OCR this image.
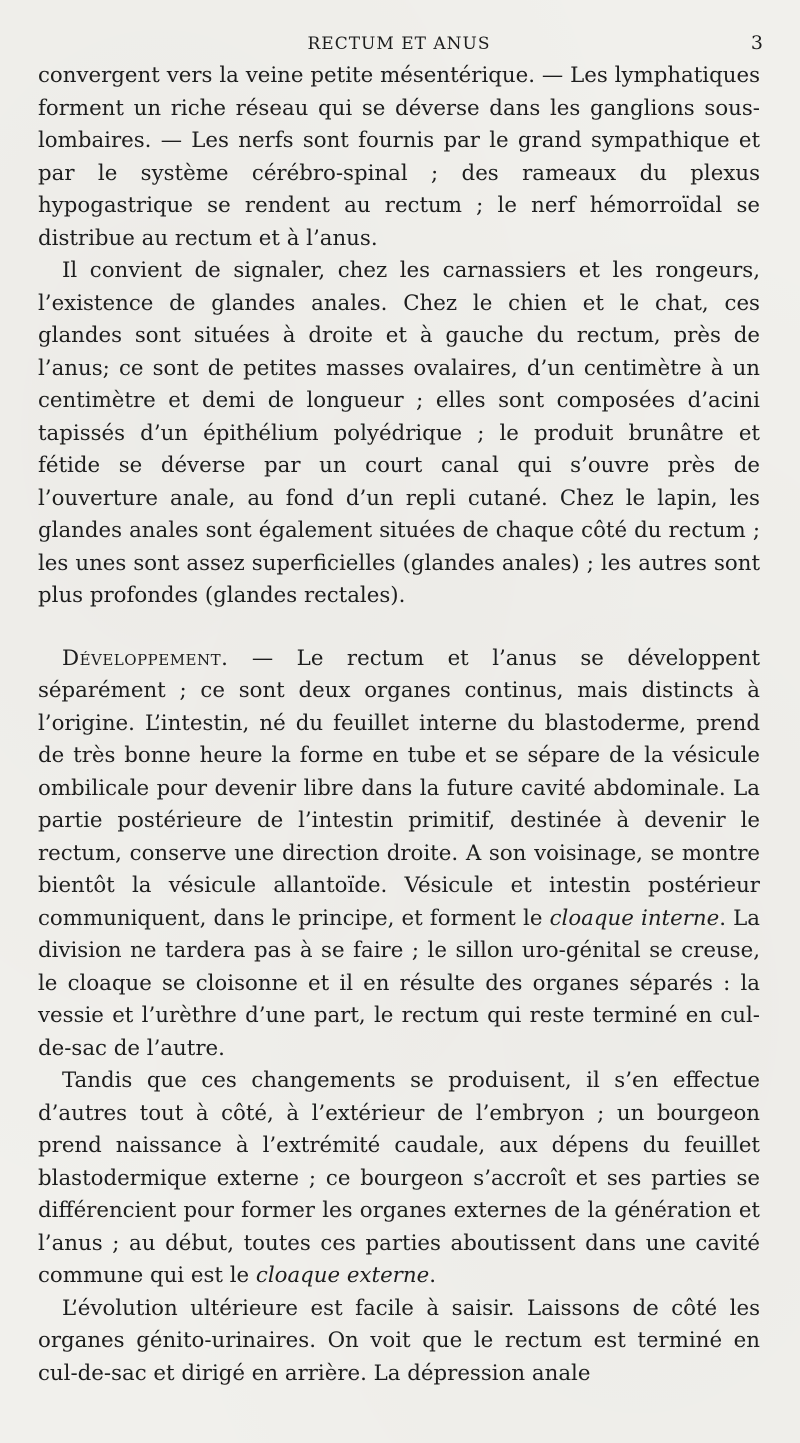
RECTUM ET ANUS	3

convergent vers la veine petite mésentérique. — Les lymphatiques forment un riche réseau qui se déverse dans les ganglions sous-lombaires. — Les nerfs sont fournis par le grand sympathique et par le système cérébro-spinal ; des rameaux du plexus hypogastrique se rendent au rectum ; le nerf hémorroïdal se distribue au rectum et à l’anus.

Il convient de signaler, chez les carnassiers et les rongeurs, l’existence de glandes anales. Chez le chien et le chat, ces glandes sont situées à droite et à gauche du rectum, près de l’anus; ce sont de petites masses ovalaires, d’un centimètre à un centimètre et demi de longueur ; elles sont composées d’acini tapissés d’un épithélium polyédrique ; le produit brunâtre et fétide se déverse par un court canal qui s’ouvre près de l’ouverture anale, au fond d’un repli cutané. Chez le lapin, les glandes anales sont également situées de chaque côté du rectum ; les unes sont assez superficielles (glandes anales) ; les autres sont plus profondes (glandes rectales).

Développement. — Le rectum et l’anus se développent séparément ; ce sont deux organes continus, mais distincts à l’origine. L’intestin, né du feuillet interne du blastoderme, prend de très bonne heure la forme en tube et se sépare de la vésicule ombilicale pour devenir libre dans la future cavité abdominale. La partie postérieure de l’intestin primitif, destinée à devenir le rectum, conserve une direction droite. A son voisinage, se montre bientôt la vésicule allantoïde. Vésicule et intestin postérieur communiquent, dans le principe, et forment le cloaque interne. La division ne tardera pas à se faire ; le sillon uro-génital se creuse, le cloaque se cloisonne et il en résulte des organes séparés : la vessie et l’urèthre d’une part, le rectum qui reste terminé en cul-de-sac de l’autre.

Tandis que ces changements se produisent, il s’en effectue d’autres tout à côté, à l’extérieur de l’embryon ; un bourgeon prend naissance à l’extrémité caudale, aux dépens du feuillet blastodermique externe ; ce bourgeon s’accroît et ses parties se différencient pour former les organes externes de la génération et l’anus ; au début, toutes ces parties aboutissent dans une cavité commune qui est le cloaque externe.

L’évolution ultérieure est facile à saisir. Laissons de côté les organes génito-urinaires. On voit que le rectum est terminé en cul-de-sac et dirigé en arrière. La dépression anale
